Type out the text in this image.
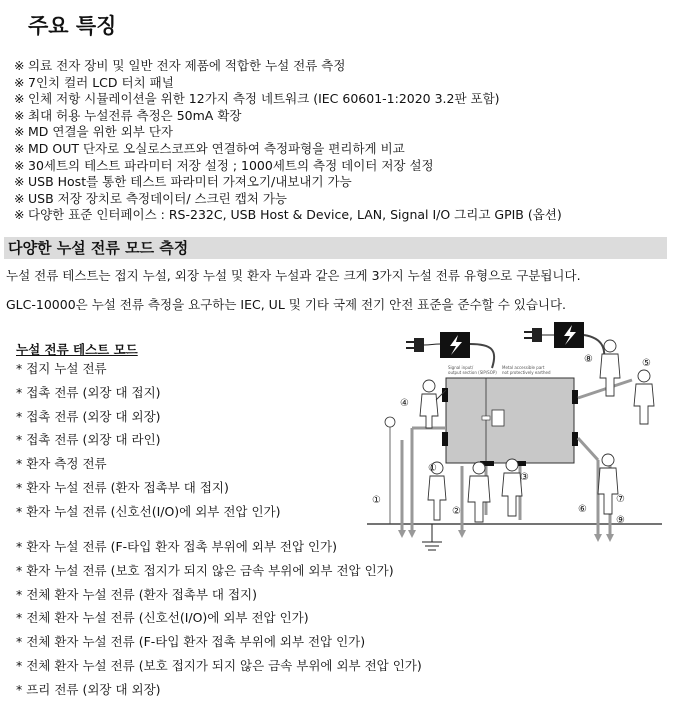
주요 특징
※ 의료 전자 장비 및 일반 전자 제품에 적합한 누설 전류 측정
※ 7인치 컬러 LCD 터치 패널
※ 인체 저항 시뮬레이션을 위한 12가지 측정 네트워크 (IEC 60601-1:2020 3.2판 포함)
※ 최대 허용 누설전류 측정은 50mA 확장
※ MD 연결을 위한 외부 단자
※ MD OUT 단자로 오실로스코프와 연결하여 측정파형을 편리하게 비교
※ 30세트의 테스트 파라미터 저장 설정 ; 1000세트의 측정 데이터 저장 설정
※ USB Host를 통한 테스트 파라미터 가져오기/내보내기 가능
※ USB 저장 장치로 측정데이터/ 스크린 캡처 가능
※ 다양한 표준 인터페이스 : RS-232C, USB Host & Device, LAN, Signal I/O 그리고 GPIB (옵션)
다양한 누설 전류 모드 측정
누설 전류 테스트는 접지 누설, 외장 누설 및 환자 누설과 같은 크게 3가지 누설 전류 유형으로 구분됩니다.
GLC-10000은 누설 전류 측정을 요구하는 IEC, UL 및 기타 국제 전기 안전 표준을 준수할 수 있습니다.
누설 전류 테스트 모드
* 접지 누설 전류
* 접촉 전류 (외장 대 접지)
* 접촉 전류 (외장 대 외장)
* 접촉 전류 (외장 대 라인)
* 환자 측정 전류
* 환자 누설 전류 (환자 접촉부 대 접지)
* 환자 누설 전류 (신호선(I/O)에 외부 전압 인가)
* 환자 누설 전류 (F-타입 환자 접촉 부위에 외부 전압 인가)
* 환자 누설 전류 (보호 접지가 되지 않은 금속 부위에 외부 전압 인가)
* 전체 환자 누설 전류 (환자 접촉부 대 접지)
* 전체 환자 누설 전류 (신호선(I/O)에 외부 전압 인가)
* 전체 환자 누설 전류 (F-타입 환자 접촉 부위에 외부 전압 인가)
* 전체 환자 누설 전류 (보호 접지가 되지 않은 금속 부위에 외부 전압 인가)
* 프리 전류 (외장 대 외장)
Signal input/ output section (SIP/SOP)
Metal accessible part not protectively earthed
①
①
②
③
④
⑤
⑥
⑦
⑧
⑨
